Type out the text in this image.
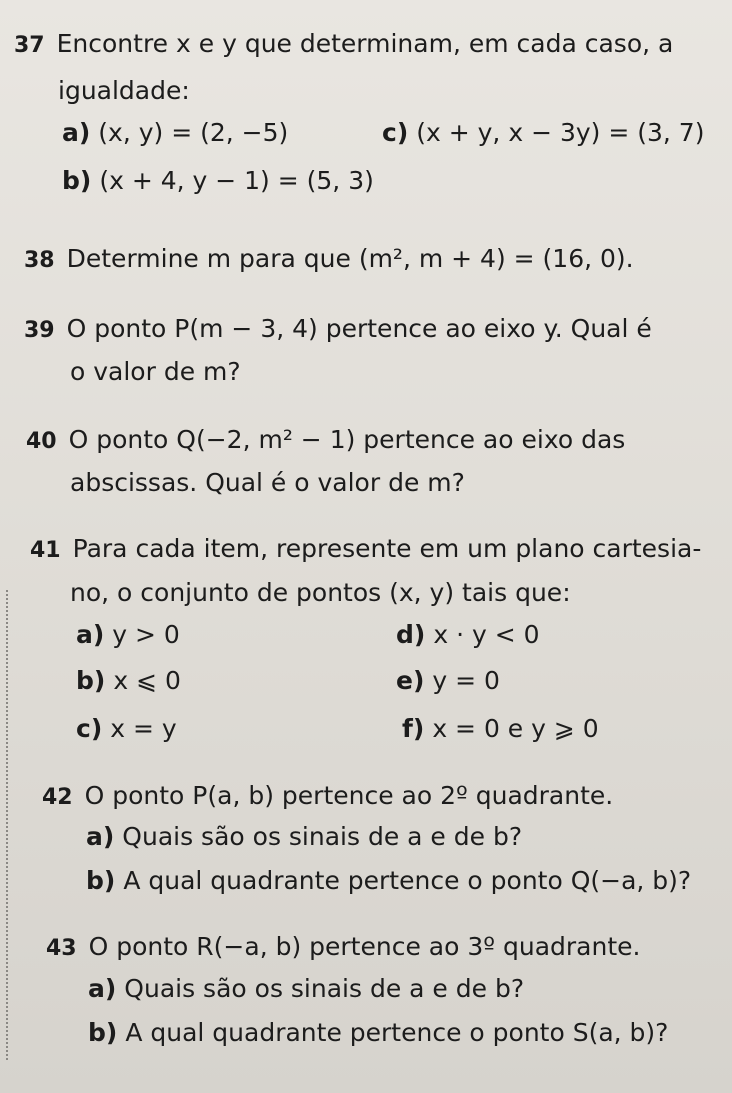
37 Encontre x e y que determinam, em cada caso, a
igualdade:
a) (x, y) = (2, −5)	c) (x + y, x − 3y) = (3, 7)
b) (x + 4, y − 1) = (5, 3)
38 Determine m para que (m², m + 4) = (16, 0).
39 O ponto P(m − 3, 4) pertence ao eixo y. Qual é
o valor de m?
40 O ponto Q(−2, m² − 1) pertence ao eixo das
abscissas. Qual é o valor de m?
41 Para cada item, represente em um plano cartesia-
no, o conjunto de pontos (x, y) tais que:
a) y > 0	d) x · y < 0
b) x ⩽ 0	e) y = 0
c) x = y	f) x = 0 e y ⩾ 0
42 O ponto P(a, b) pertence ao 2º quadrante.
a) Quais são os sinais de a e de b?
b) A qual quadrante pertence o ponto Q(−a, b)?
43 O ponto R(−a, b) pertence ao 3º quadrante.
a) Quais são os sinais de a e de b?
b) A qual quadrante pertence o ponto S(a, b)?
